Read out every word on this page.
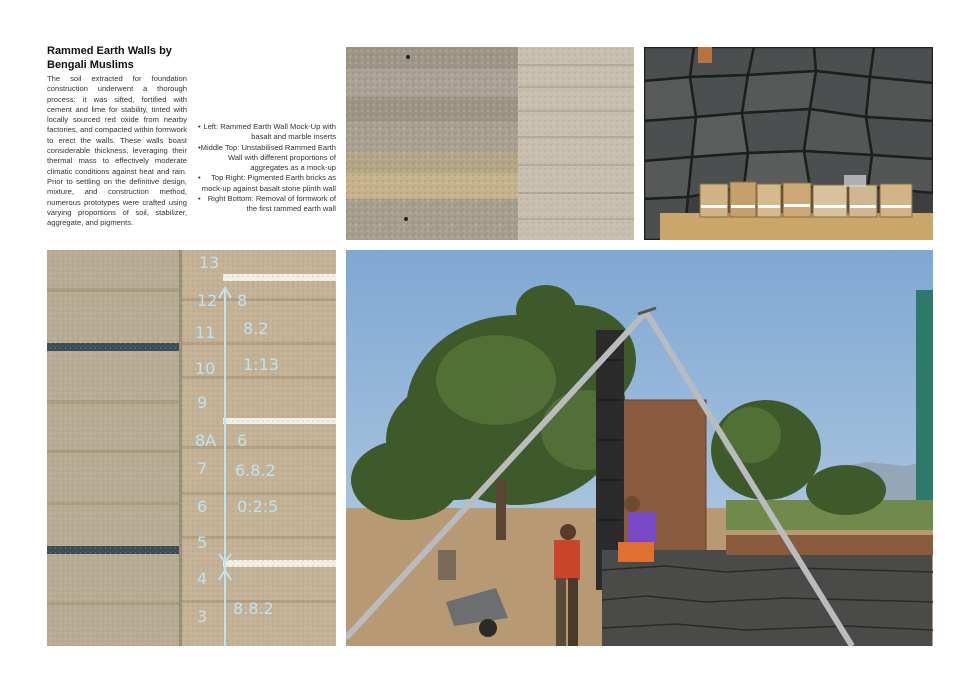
Rammed Earth Walls by
Bengali Muslims
The soil extracted for foundation construction underwent a thorough process: it was sifted, fortified with cement and lime for stability, tinted with locally sourced red oxide from nearby factories, and compacted within formwork to erect the walls. These walls boast considerable thickness, leveraging their thermal mass to effectively moderate climatic conditions against heat and rain. Prior to settling on the definitive design, mixture, and construction method, numerous prototypes were crafted using varying proportions of soil, stabilizer, aggregate, and pigments.
• Left: Rammed Earth Wall Mock-Up with basalt and marble inserts
• Middle Top: Unstabilised Rammed Earth Wall with different proportions of aggregates as a mock-up
• Top Right: Pigmented Earth bricks as mock-up against basalt stone plinth wall
• Right Bottom: Removal of formwork of the first rammed earth wall
13
12 8
11 8.2
10 1:13
9
8A 6
7 6.8.2
6 0:2:5
5
4
3 8.8.2
